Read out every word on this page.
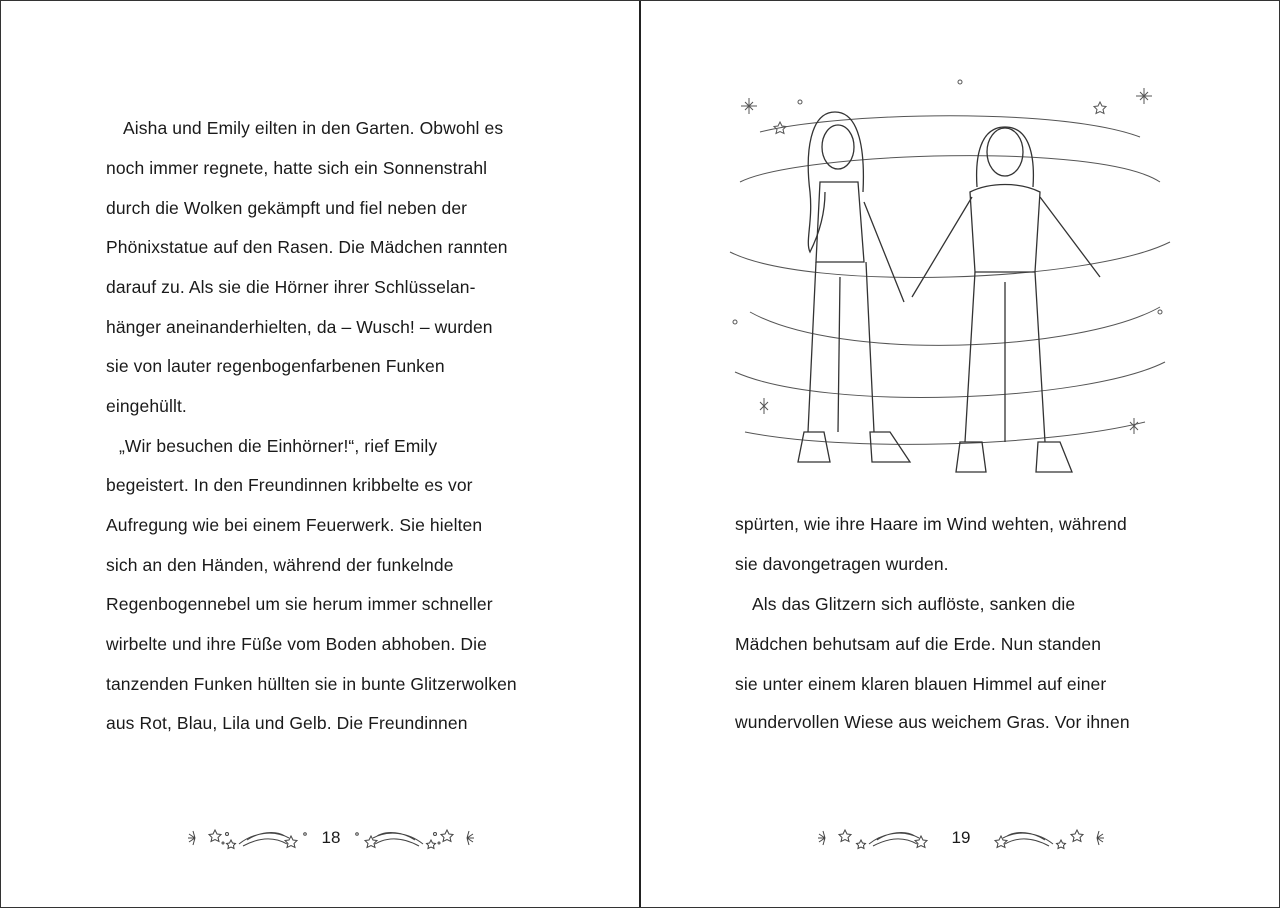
Aisha und Emily eilten in den Garten. Obwohl es
noch immer regnete, hatte sich ein Sonnenstrahl
durch die Wolken gekämpft und fiel neben der
Phönixstatue auf den Rasen. Die Mädchen rannten
darauf zu. Als sie die Hörner ihrer Schlüsselan-
hänger aneinanderhielten, da – Wusch! – wurden
sie von lauter regenbogenfarbenen Funken
eingehüllt.
„Wir besuchen die Einhörner!“, rief Emily
begeistert. In den Freundinnen kribbelte es vor
Aufregung wie bei einem Feuerwerk. Sie hielten
sich an den Händen, während der funkelnde
Regenbogennebel um sie herum immer schneller
wirbelte und ihre Füße vom Boden abhoben. Die
tanzenden Funken hüllten sie in bunte Glitzerwolken
aus Rot, Blau, Lila und Gelb. Die Freundinnen
18
spürten, wie ihre Haare im Wind wehten, während
sie davongetragen wurden.
Als das Glitzern sich auflöste, sanken die
Mädchen behutsam auf die Erde. Nun standen
sie unter einem klaren blauen Himmel auf einer
wundervollen Wiese aus weichem Gras. Vor ihnen
19
